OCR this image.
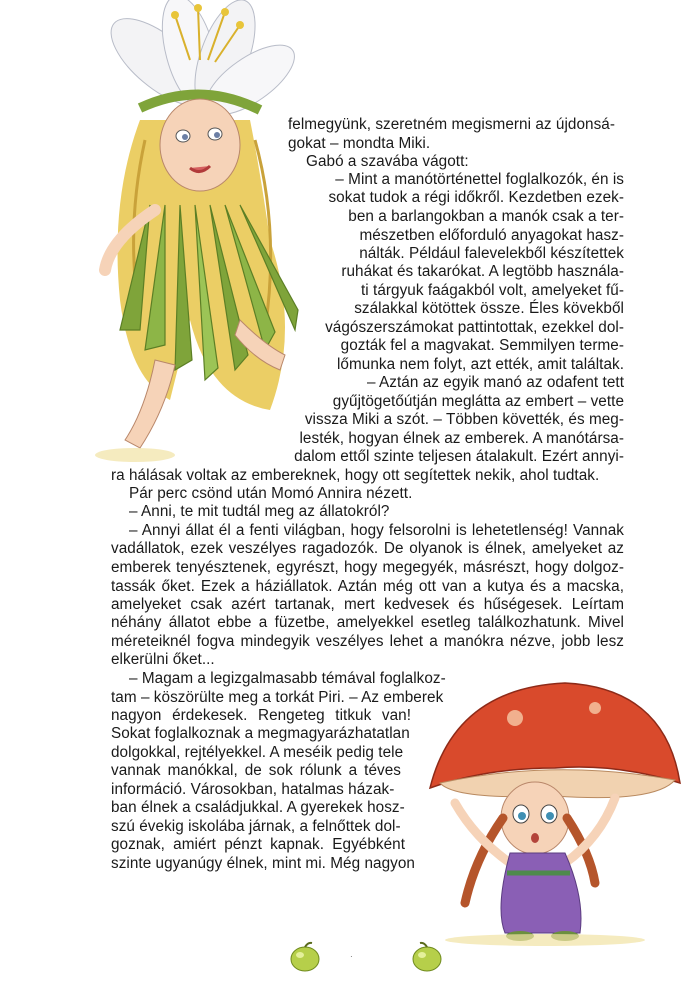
felmegyünk, szeretném megismerni az újdonsá-
gokat – mondta Miki.
Gabó a szavába vágott:
– Mint a manótörténettel foglalkozók, én is
sokat tudok a régi időkről. Kezdetben ezek-
ben a barlangokban a manók csak a ter-
mészetben előforduló anyagokat hasz-
nálták. Például falevelekből készítettek
ruhákat és takarókat. A legtöbb használa-
ti tárgyuk faágakból volt, amelyeket fű-
szálakkal kötöttek össze. Éles kövekből
vágószerszámokat pattintottak, ezekkel dol-
gozták fel a magvakat. Semmilyen terme-
lőmunka nem folyt, azt ették, amit találtak.
– Aztán az egyik manó az odafent tett
gyűjtögetőútján meglátta az embert – vette
vissza Miki a szót. – Többen követték, és meg-
lesték, hogyan élnek az emberek. A manótársa-
dalom ettől szinte teljesen átalakult. Ezért annyi-
ra hálásak voltak az embereknek, hogy ott segítettek nekik, ahol tudtak.
Pár perc csönd után Momó Annira nézett.
– Anni, te mit tudtál meg az állatokról?
– Annyi állat él a fenti világban, hogy felsorolni is lehetetlenség! Vannak
vadállatok, ezek veszélyes ragadozók. De olyanok is élnek, amelyeket az
emberek tenyésztenek, egyrészt, hogy megegyék, másrészt, hogy dolgoz-
tassák őket. Ezek a háziállatok. Aztán még ott van a kutya és a macska,
amelyeket csak azért tartanak, mert kedvesek és hűségesek. Leírtam
néhány állatot ebbe a füzetbe, amelyekkel esetleg találkozhatunk. Mivel
méreteiknél fogva mindegyik veszélyes lehet a manókra nézve, jobb lesz
elkerülni őket...
– Magam a legizgalmasabb témával foglalkoz-
tam – köszörülte meg a torkát Piri. – Az emberek
nagyon érdekesek. Rengeteg titkuk van!
Sokat foglalkoznak a megmagyarázhatatlan
dolgokkal, rejtélyekkel. A meséik pedig tele
vannak manókkal, de sok rólunk a téves
információ. Városokban, hatalmas házak-
ban élnek a családjukkal. A gyerekek hosz-
szú évekig iskolába járnak, a felnőttek dol-
goznak, amiért pénzt kapnak. Egyébként
szinte ugyanúgy élnek, mint mi. Még nagyon
·
